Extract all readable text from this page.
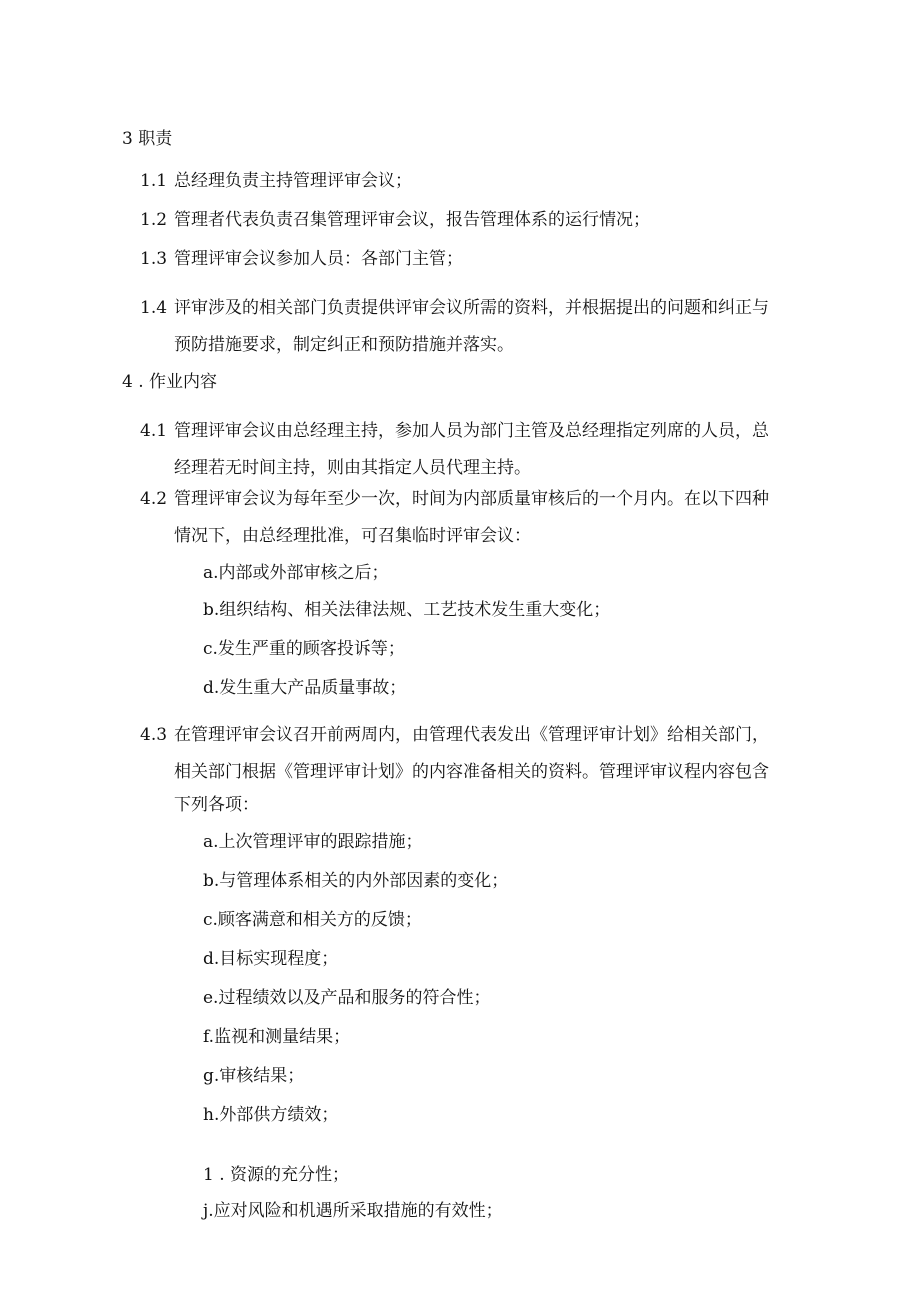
3 职责
1.1 总经理负责主持管理评审会议；
1.2 管理者代表负责召集管理评审会议，报告管理体系的运行情况；
1.3 管理评审会议参加人员：各部门主管；
1.4 评审涉及的相关部门负责提供评审会议所需的资料，并根据提出的问题和纠正与
预防措施要求，制定纠正和预防措施并落实。
4 . 作业内容
4.1 管理评审会议由总经理主持，参加人员为部门主管及总经理指定列席的人员，总
经理若无时间主持，则由其指定人员代理主持。
4.2 管理评审会议为每年至少一次，时间为内部质量审核后的一个月内。在以下四种
情况下，由总经理批准，可召集临时评审会议：
a.内部或外部审核之后；
b.组织结构、相关法律法规、工艺技术发生重大变化；
c.发生严重的顾客投诉等；
d.发生重大产品质量事故；
4.3 在管理评审会议召开前两周内，由管理代表发出《管理评审计划》给相关部门，
相关部门根据《管理评审计划》的内容准备相关的资料。管理评审议程内容包含
下列各项：
a.上次管理评审的跟踪措施；
b.与管理体系相关的内外部因素的变化；
c.顾客满意和相关方的反馈；
d.目标实现程度；
e.过程绩效以及产品和服务的符合性；
f.监视和测量结果；
g.审核结果；
h.外部供方绩效；
1 . 资源的充分性；
j.应对风险和机遇所采取措施的有效性；
